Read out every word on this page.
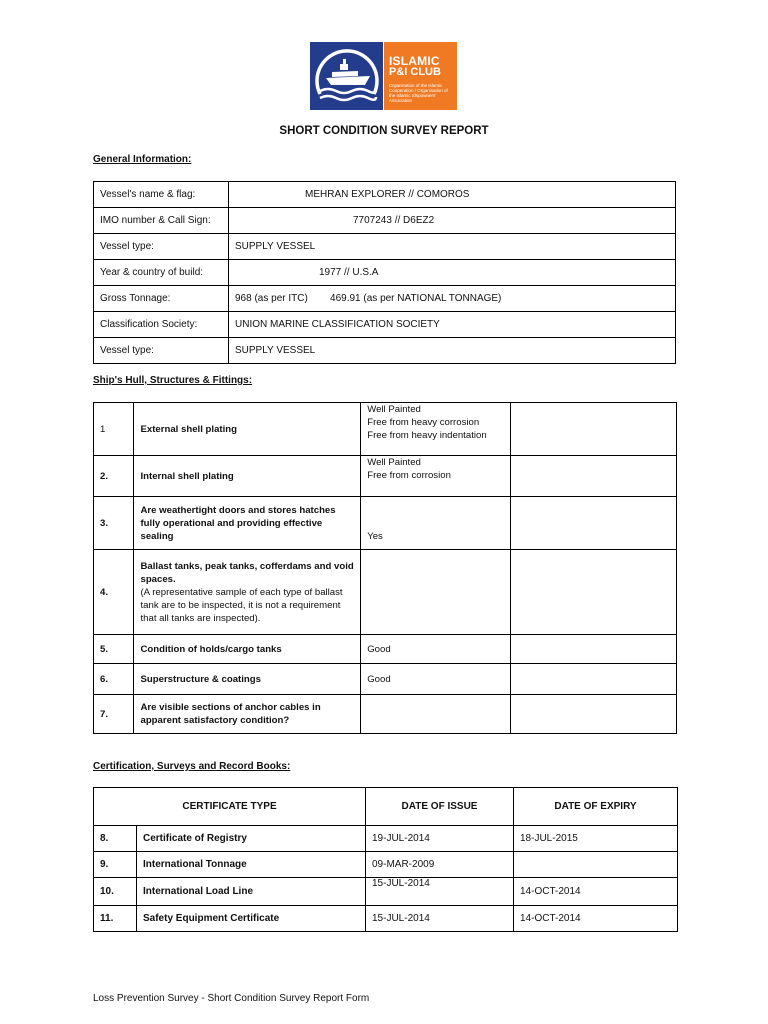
ISLAMIC
P&I CLUB
Organisation of the Islamic Cooperation / Organisation of the Islamic Shipowners' Association
SHORT CONDITION SURVEY REPORT
General Information:
Vessel's name & flag:	MEHRAN EXPLORER // COMOROS
IMO number & Call Sign:	7707243 // D6EZ2
Vessel type:	SUPPLY VESSEL
Year & country of build:	1977 // U.S.A
Gross Tonnage:	968 (as per ITC)        469.91 (as per NATIONAL TONNAGE)
Classification Society:	UNION MARINE CLASSIFICATION SOCIETY
Vessel type:	SUPPLY VESSEL
Ship's Hull, Structures & Fittings:
1	External shell plating	Well Painted
Free from heavy corrosion
Free from heavy indentation	
2.	Internal shell plating	Well Painted
Free from corrosion	
3.	Are weathertight doors and stores hatches fully operational and providing effective sealing	Yes	
4.	Ballast tanks, peak tanks, cofferdams and void spaces.
(A representative sample of each type of ballast tank are to be inspected, it is not a requirement that all tanks are inspected).		

5.	Condition of holds/cargo tanks	Good	
6.	Superstructure & coatings	Good	
7.	Are visible sections of anchor cables in apparent satisfactory condition?		
Certification, Surveys and Record Books:
CERTIFICATE TYPE		DATE OF ISSUE	DATE OF EXPIRY
8.	Certificate of Registry	19-JUL-2014	18-JUL-2015
9.	International Tonnage	09-MAR-2009	
10.	International Load Line	15-JUL-2014	14-OCT-2014
11.	Safety Equipment Certificate	15-JUL-2014	14-OCT-2014
Loss Prevention Survey - Short Condition Survey Report Form
